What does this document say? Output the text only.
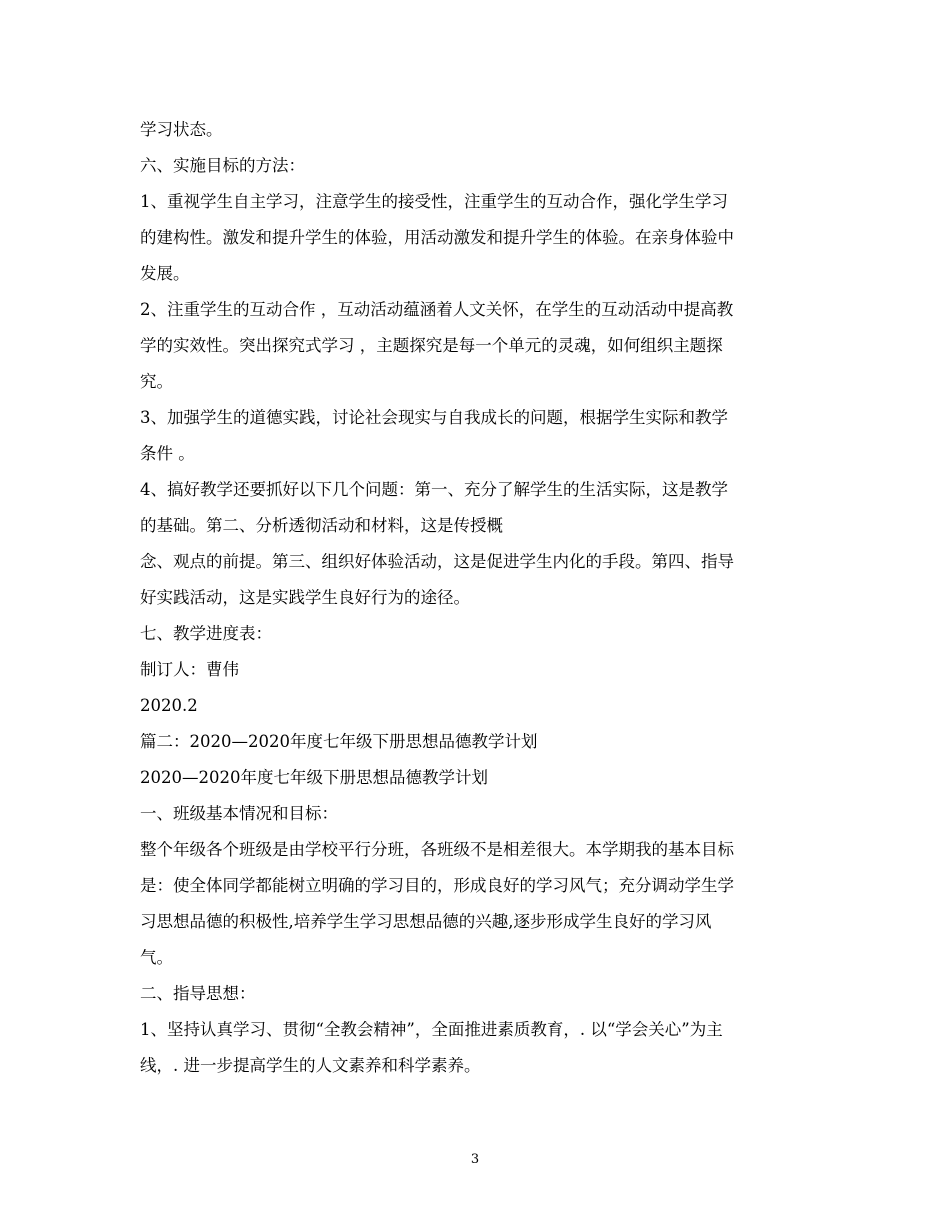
学习状态。
六、实施目标的方法：
1、重视学生自主学习，注意学生的接受性，注重学生的互动合作，强化学生学习
的建构性。激发和提升学生的体验，用活动激发和提升学生的体验。在亲身体验中
发展。
2、注重学生的互动合作 ，互动活动蕴涵着人文关怀，在学生的互动活动中提高教
学的实效性。突出探究式学习 ，主题探究是每一个单元的灵魂，如何组织主题探
究。
3、加强学生的道德实践，讨论社会现实与自我成长的问题，根据学生实际和教学
条件 。
4、搞好教学还要抓好以下几个问题：第一、充分了解学生的生活实际，这是教学
的基础。第二、分析透彻活动和材料，这是传授概
念、观点的前提。第三、组织好体验活动，这是促进学生内化的手段。第四、指导
好实践活动，这是实践学生良好行为的途径。
七、教学进度表：
制订人：曹伟
2020.2
篇二：2020—2020年度七年级下册思想品德教学计划
2020—2020年度七年级下册思想品德教学计划
一、班级基本情况和目标：
整个年级各个班级是由学校平行分班，各班级不是相差很大。本学期我的基本目标
是：使全体同学都能树立明确的学习目的，形成良好的学习风气；充分调动学生学
习思想品德的积极性,培养学生学习思想品德的兴趣,逐步形成学生良好的学习风
气。
二、指导思想：
1、坚持认真学习、贯彻“全教会精神”，全面推进素质教育，. 以“学会关心”为主
线，. 进一步提高学生的人文素养和科学素养。
3
